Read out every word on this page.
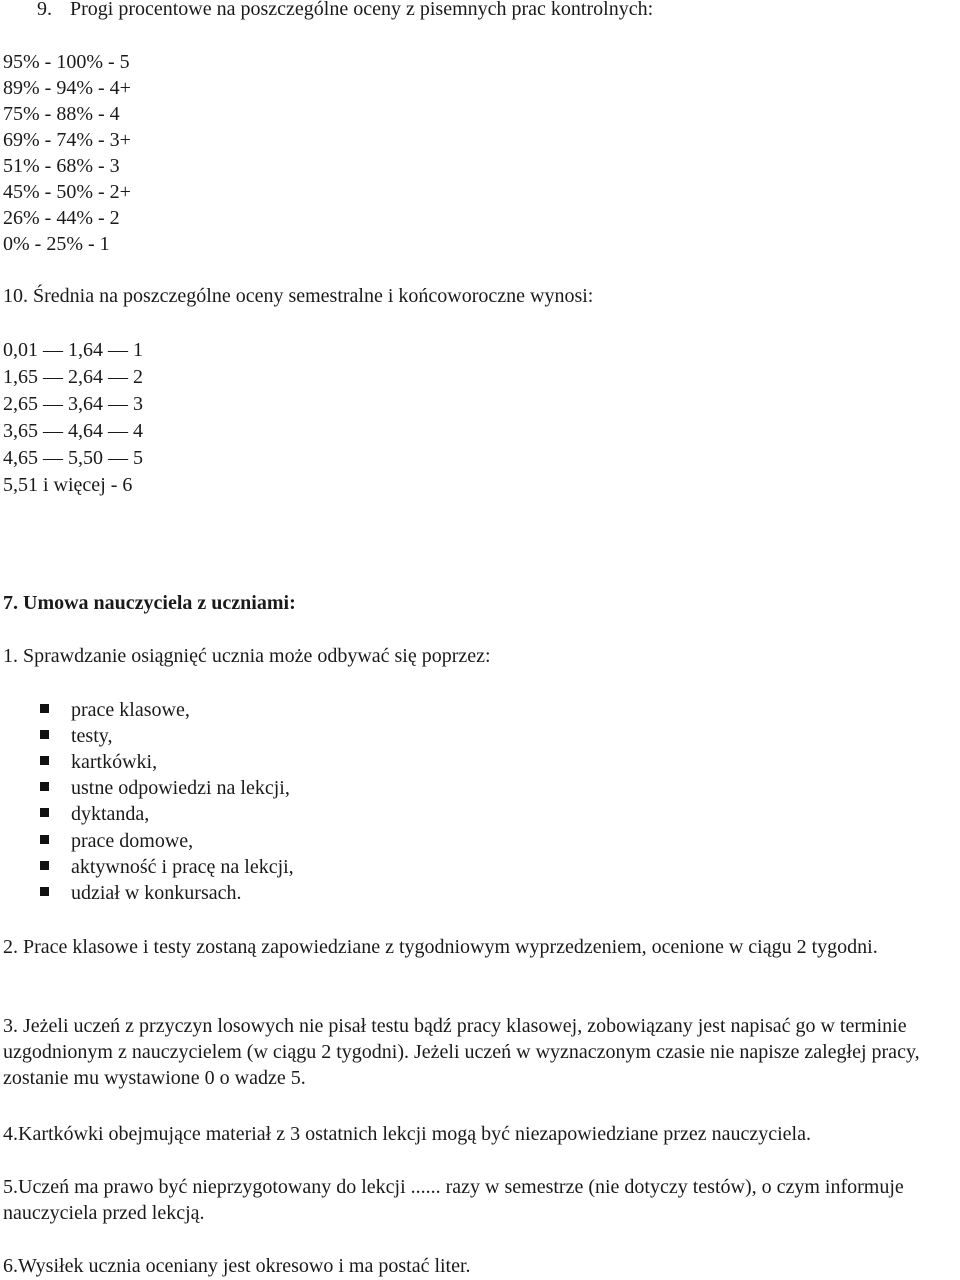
9. Progi procentowe na poszczególne oceny z pisemnych prac kontrolnych:
95% - 100% - 5
89% - 94% - 4+
75% - 88% - 4
69% - 74% - 3+
51% - 68% - 3
45% - 50% - 2+
26% - 44% - 2
0% - 25% - 1
10. Średnia na poszczególne oceny semestralne i końcoworoczne wynosi:
0,01 — 1,64 — 1
1,65 — 2,64 — 2
2,65 — 3,64 — 3
3,65 — 4,64 — 4
4,65 — 5,50 — 5
5,51 i więcej - 6
7. Umowa nauczyciela z uczniami:
1. Sprawdzanie osiągnięć ucznia może odbywać się poprzez:
prace klasowe,
testy,
kartkówki,
ustne odpowiedzi na lekcji,
dyktanda,
prace domowe,
aktywność i pracę na lekcji,
udział w konkursach.
2. Prace klasowe i testy zostaną zapowiedziane z tygodniowym wyprzedzeniem, ocenione w ciągu 2 tygodni.
3. Jeżeli uczeń z przyczyn losowych nie pisał testu bądź pracy klasowej, zobowiązany jest napisać go w terminie uzgodnionym z nauczycielem (w ciągu 2 tygodni). Jeżeli uczeń w wyznaczonym czasie nie napisze zaległej pracy, zostanie mu wystawione 0 o wadze 5.
4.Kartkówki obejmujące materiał z 3 ostatnich lekcji mogą być niezapowiedziane przez nauczyciela.
5.Uczeń ma prawo być nieprzygotowany do lekcji ...... razy w semestrze (nie dotyczy testów), o czym informuje nauczyciela przed lekcją.
6.Wysiłek ucznia oceniany jest okresowo i ma postać liter.
